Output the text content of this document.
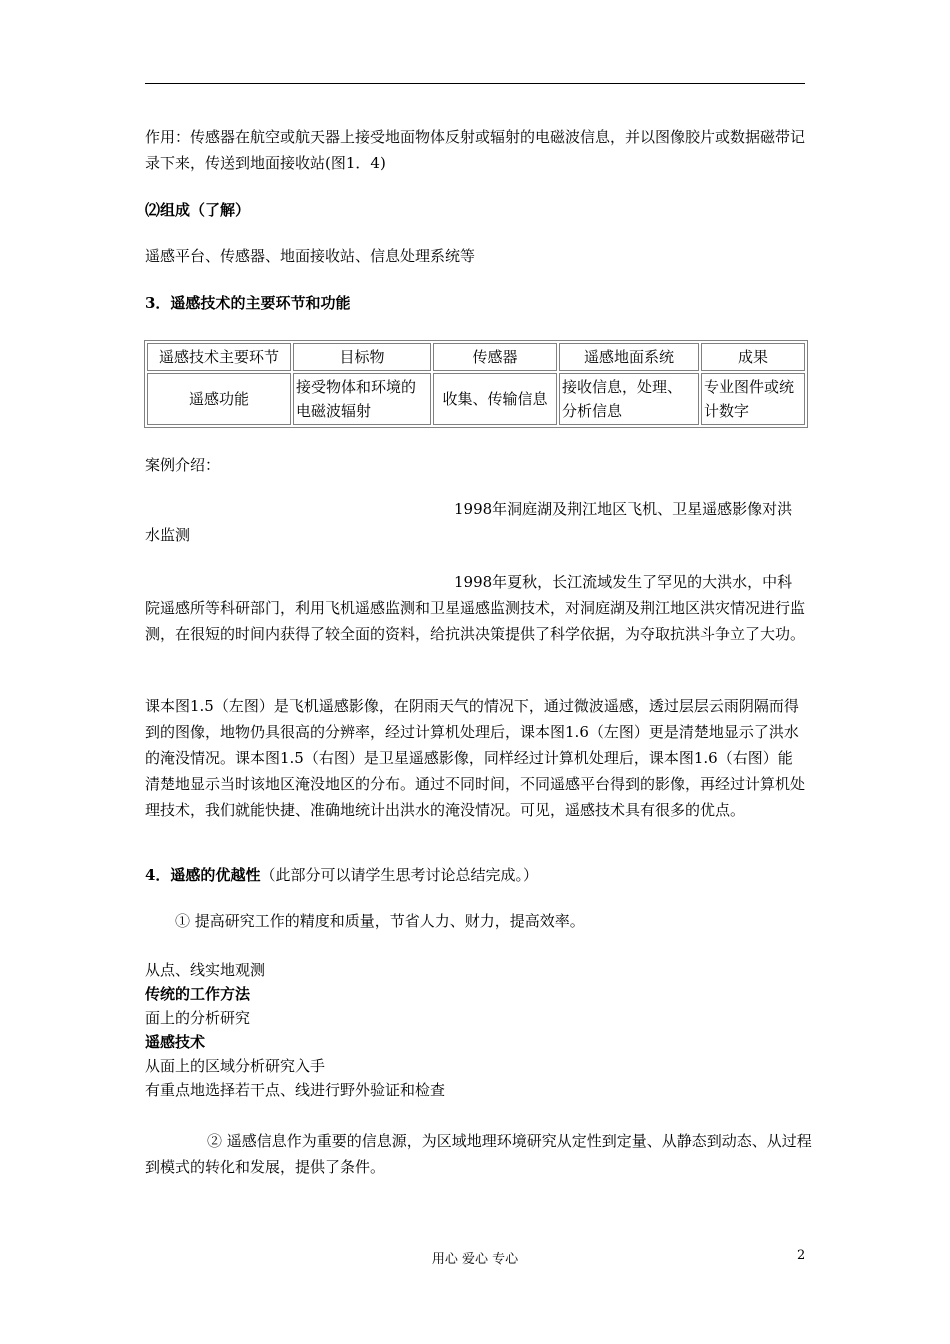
作用：传感器在航空或航天器上接受地面物体反射或辐射的电磁波信息，并以图像胶片或数据磁带记录下来，传送到地面接收站(图1．4)

⑵组成（了解）

遥感平台、传感器、地面接收站、信息处理系统等

3．遥感技术的主要环节和功能

遥感技术主要环节	目标物	传感器	遥感地面系统	成果
遥感功能	接受物体和环境的电磁波辐射	收集、传输信息	接收信息，处理、分析信息	专业图件或统计数字

案例介绍：

1998年洞庭湖及荆江地区飞机、卫星遥感影像对洪水监测

1998年夏秋，长江流域发生了罕见的大洪水，中科院遥感所等科研部门，利用飞机遥感监测和卫星遥感监测技术，对洞庭湖及荆江地区洪灾情况进行监测，在很短的时间内获得了较全面的资料，给抗洪决策提供了科学依据，为夺取抗洪斗争立了大功。

课本图1.5（左图）是飞机遥感影像，在阴雨天气的情况下，通过微波遥感，透过层层云雨阴隔而得到的图像，地物仍具很高的分辨率，经过计算机处理后，课本图1.6（左图）更是清楚地显示了洪水的淹没情况。课本图1.5（右图）是卫星遥感影像，同样经过计算机处理后，课本图1.6（右图）能清楚地显示当时该地区淹没地区的分布。通过不同时间，不同遥感平台得到的影像，再经过计算机处理技术，我们就能快捷、准确地统计出洪水的淹没情况。可见，遥感技术具有很多的优点。

4．遥感的优越性（此部分可以请学生思考讨论总结完成。）

① 提高研究工作的精度和质量，节省人力、财力，提高效率。

从点、线实地观测
传统的工作方法
面上的分析研究
遥感技术
从面上的区域分析研究入手
有重点地选择若干点、线进行野外验证和检查

② 遥感信息作为重要的信息源，为区域地理环境研究从定性到定量、从静态到动态、从过程到模式的转化和发展，提供了条件。

用心 爱心 专心	2
